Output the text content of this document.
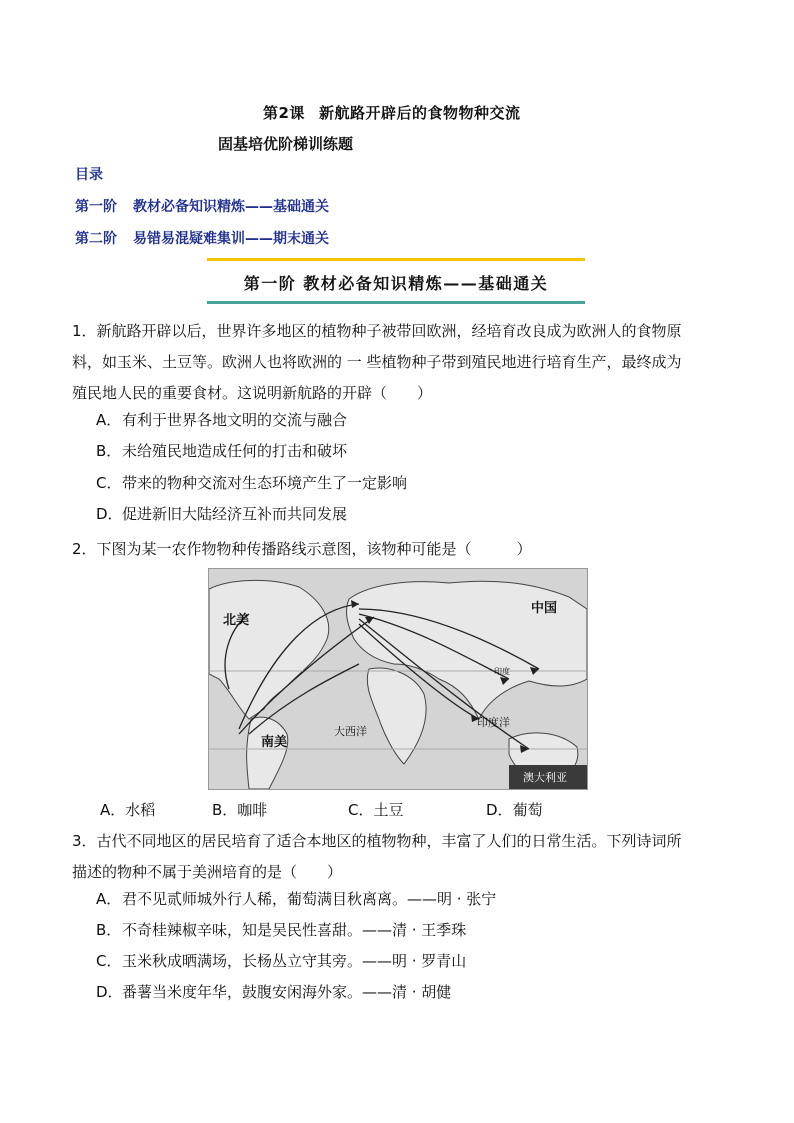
第2课 新航路开辟后的食物物种交流
固基培优阶梯训练题
目录
第一阶 教材必备知识精炼——基础通关
第二阶 易错易混疑难集训——期末通关
第一阶 教材必备知识精炼——基础通关
1．新航路开辟以后，世界许多地区的植物种子被带回欧洲，经培育改良成为欧洲人的食物原
料，如玉米、土豆等。欧洲人也将欧洲的 一 些植物种子带到殖民地进行培育生产，最终成为
殖民地人民的重要食材。这说明新航路的开辟（　　）
A．有利于世界各地文明的交流与融合
B．未给殖民地造成任何的打击和破坏
C．带来的物种交流对生态环境产生了一定影响
D．促进新旧大陆经济互补而共同发展
2．下图为某一农作物物种传播路线示意图，该物种可能是（　　　）
北美
中国
印度
南美
大西洋
印度洋
澳大利亚
A．水稻	B．咖啡	C．土豆	D．葡萄
3．古代不同地区的居民培育了适合本地区的植物物种，丰富了人们的日常生活。下列诗词所
描述的物种不属于美洲培育的是（　　）
A．君不见贰师城外行人稀，葡萄满目秋离离。——明 · 张宁
B．不奇桂辣椒辛味，知是吴民性喜甜。——清 · 王季珠
C．玉米秋成晒满场，长杨丛立守其旁。——明 · 罗青山
D．番薯当米度年华，鼓腹安闲海外家。——清 · 胡健
